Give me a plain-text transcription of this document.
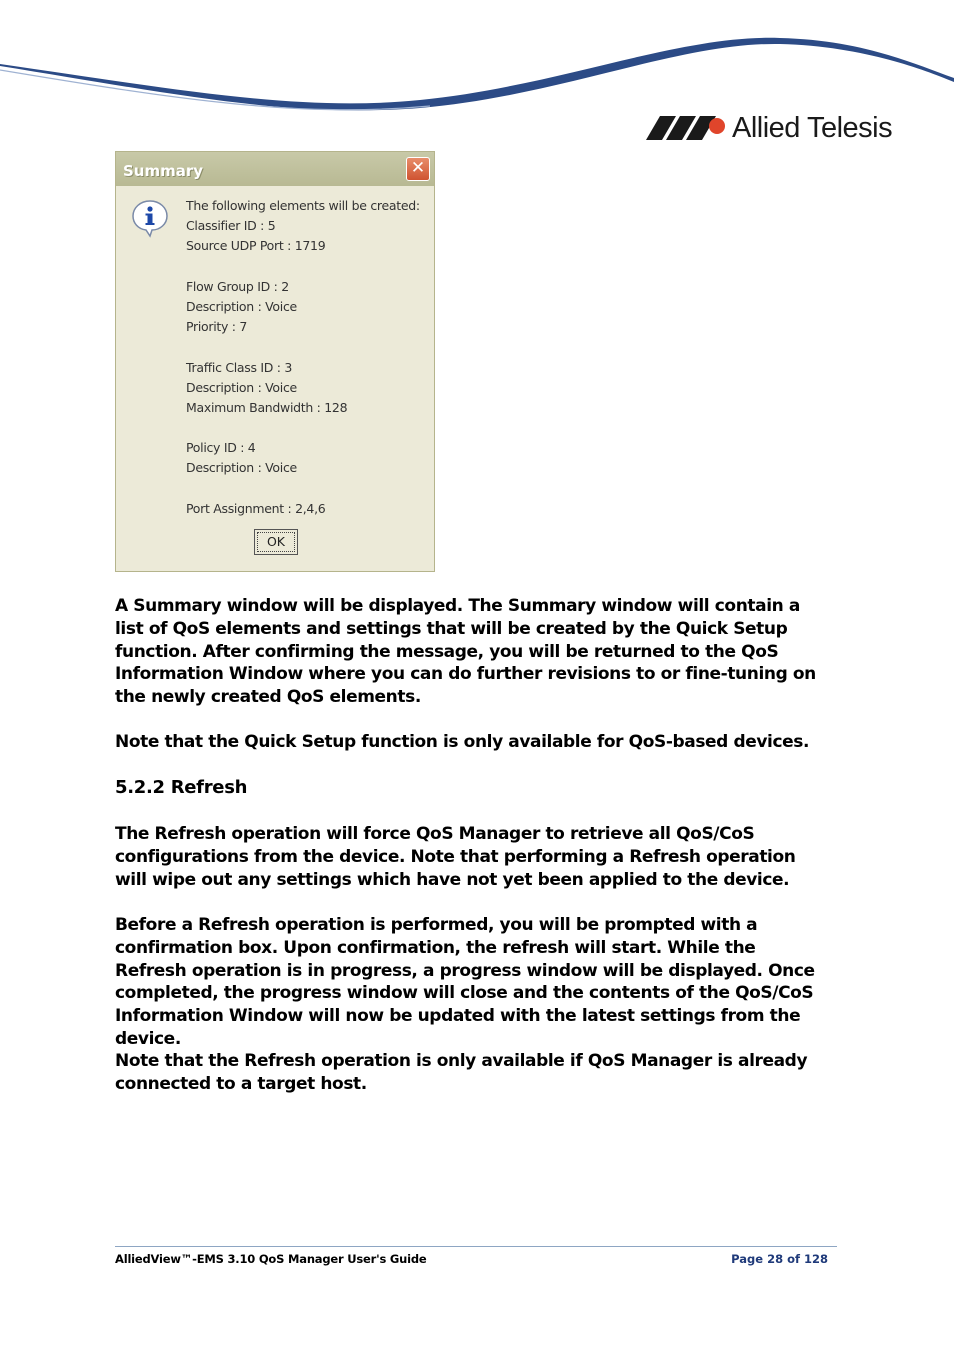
Allied Telesis
Summary	✕
The following elements will be created:
Classifier ID : 5
Source UDP Port : 1719
Flow Group ID : 2
Description : Voice
Priority : 7
Traffic Class ID : 3
Description : Voice
Maximum Bandwidth : 128
Policy ID : 4
Description : Voice
Port Assignment : 2,4,6
OK
A Summary window will be displayed. The Summary window will contain a list of QoS elements and settings that will be created by the Quick Setup function. After confirming the message, you will be returned to the QoS Information Window where you can do further revisions to or fine-tuning on the newly created QoS elements.
Note that the Quick Setup function is only available for QoS-based devices.
5.2.2 Refresh
The Refresh operation will force QoS Manager to retrieve all QoS/CoS configurations from the device. Note that performing a Refresh operation will wipe out any settings which have not yet been applied to the device.
Before a Refresh operation is performed, you will be prompted with a confirmation box. Upon confirmation, the refresh will start. While the Refresh operation is in progress, a progress window will be displayed. Once completed, the progress window will close and the contents of the QoS/CoS Information Window will now be updated with the latest settings from the device.
Note that the Refresh operation is only available if QoS Manager is already connected to a target host.
AlliedView™-EMS 3.10 QoS Manager User's Guide	Page 28 of 128
